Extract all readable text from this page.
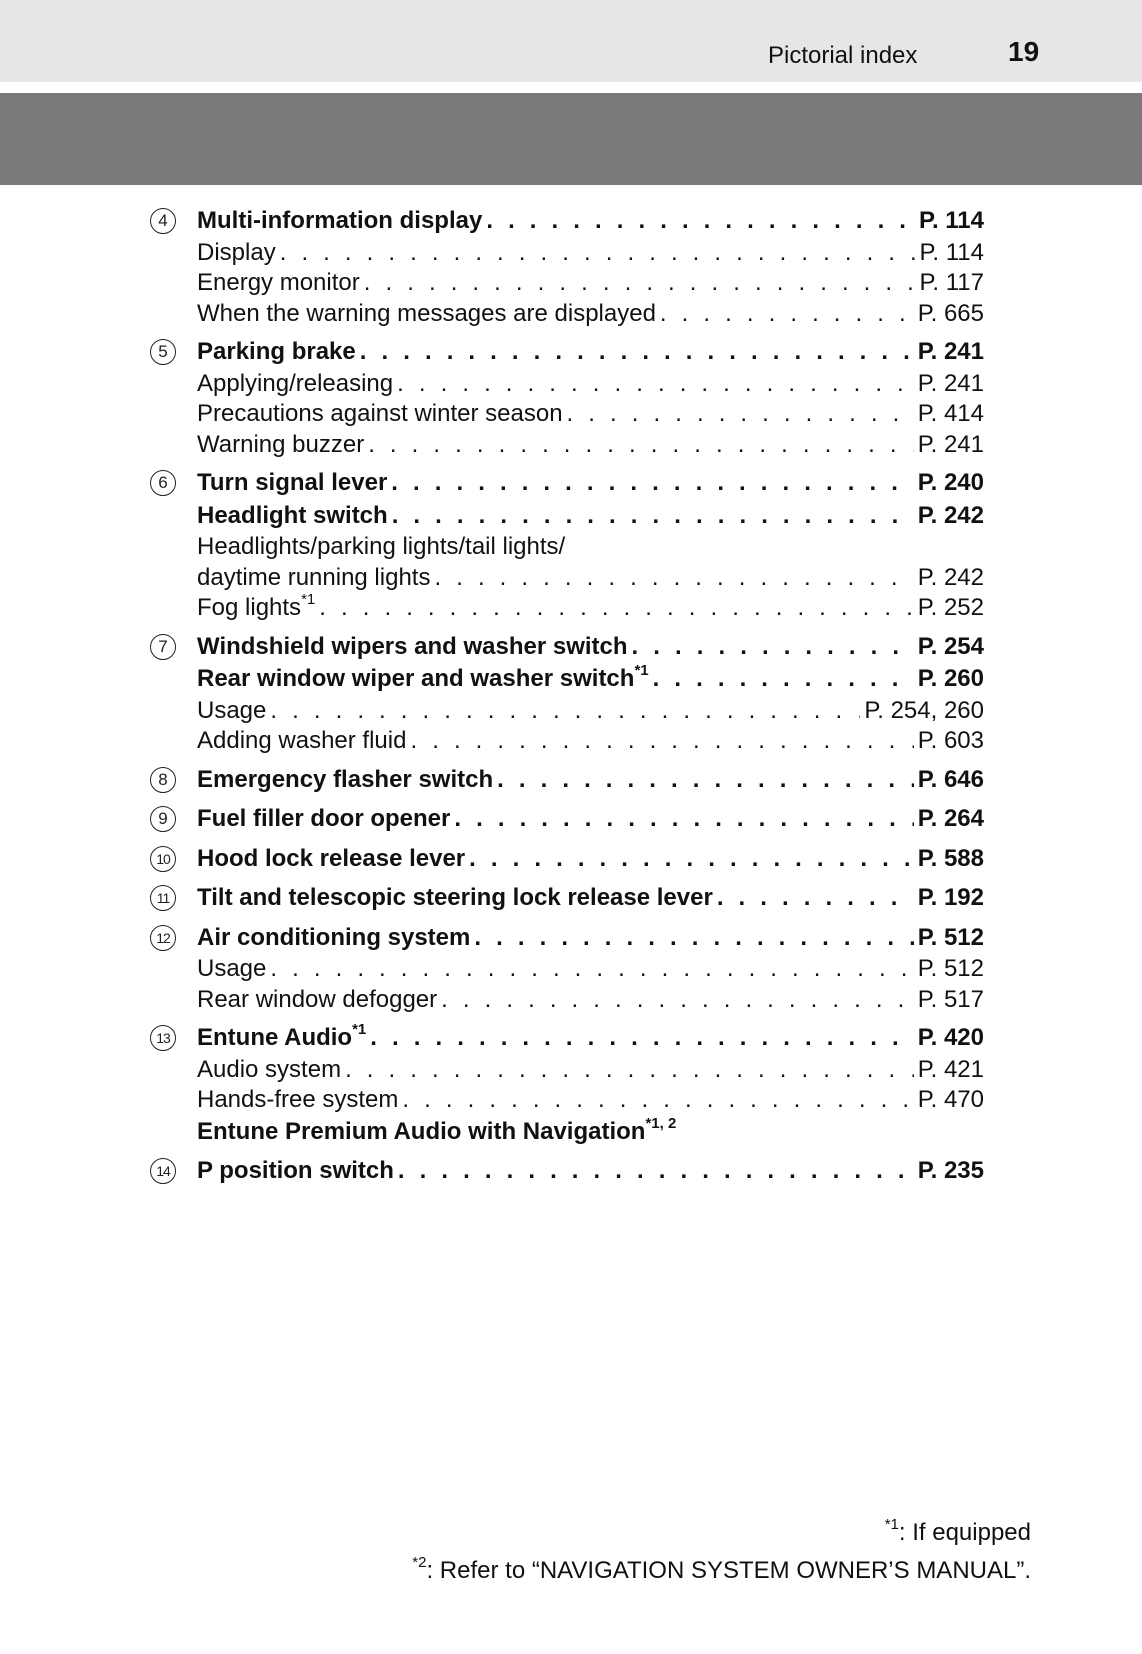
Pictorial index	19
4	Multi-information display . . .	P. 114
Display . . .	P. 114
Energy monitor . . .	P. 117
When the warning messages are displayed . . .	P. 665
5	Parking brake . . .	P. 241
Applying/releasing . . .	P. 241
Precautions against winter season . . .	P. 414
Warning buzzer . . .	P. 241
6	Turn signal lever . . .	P. 240
Headlight switch . . .	P. 242
Headlights/parking lights/tail lights/
daytime running lights . . .	P. 242
Fog lights$^{*1}$ . . .	P. 252
7	Windshield wipers and washer switch . . .	P. 254
Rear window wiper and washer switch$^{*1}$ . . .	P. 260
Usage . . .	P. 254, 260
Adding washer fluid . . .	P. 603
8	Emergency flasher switch . . .	P. 646
9	Fuel filler door opener . . .	P. 264
10 Hood lock release lever . . .	P. 588
11 Tilt and telescopic steering lock release lever . . .	P. 192
12 Air conditioning system . . .	P. 512
Usage . . .	P. 512
Rear window defogger . . .	P. 517
13 Entune Audio$^{*1}$ . . .	P. 420
Audio system . . .	P. 421
Hands-free system . . .	P. 470
Entune Premium Audio with Navigation$^{*1, 2}$
14 P position switch . . .	P. 235
$^{*1}$: If equipped
$^{*2}$: Refer to “NAVIGATION SYSTEM OWNER’S MANUAL”.
